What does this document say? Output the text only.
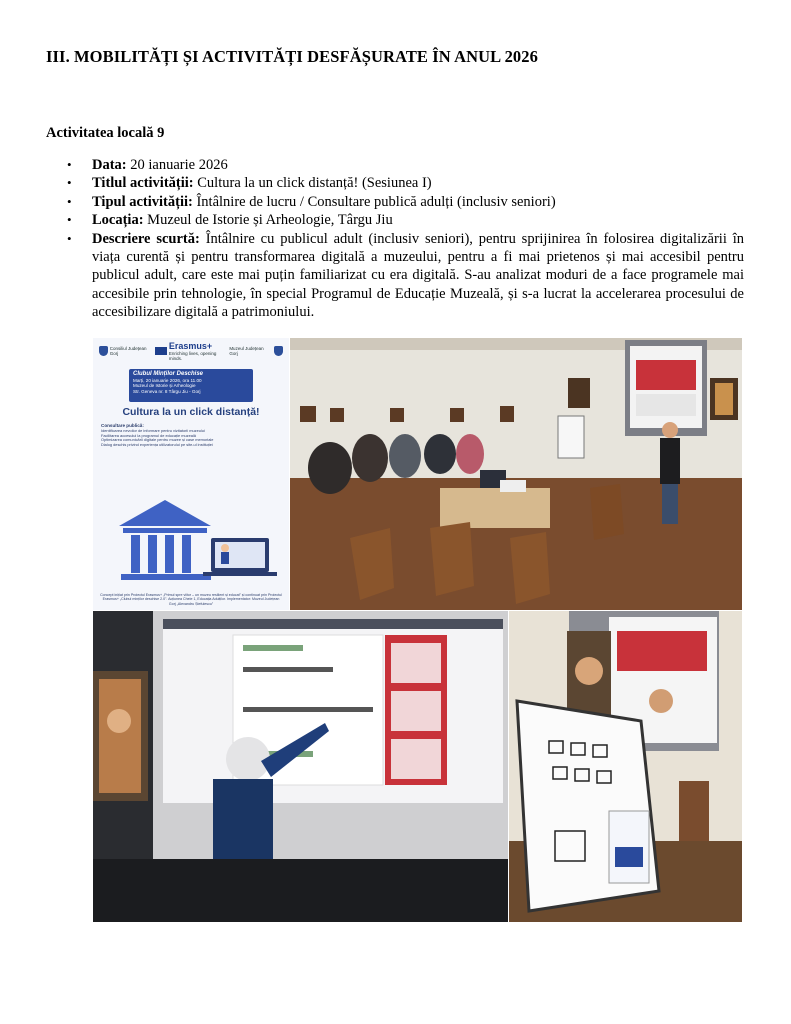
III. MOBILITĂȚI ȘI ACTIVITĂȚI DESFĂȘURATE ÎN ANUL 2026
Activitatea locală 9
• Data: 20 ianuarie 2026
• Titlul activității: Cultura la un click distanță! (Sesiunea I)
• Tipul activității: Întâlnire de lucru / Consultare publică adulți (inclusiv seniori)
• Locația: Muzeul de Istorie și Arheologie, Târgu Jiu
• Descriere scurtă: Întâlnire cu publicul adult (inclusiv seniori), pentru sprijinirea în folosirea digitalizării în viața curentă și pentru transformarea digitală a muzeului, pentru a fi mai prietenos și mai accesibil pentru publicul adult, care este mai puțin familiarizat cu era digitală. S-au analizat moduri de a face programele mai accesibile prin tehnologie, în special Programul de Educație Muzeală, și s-a lucrat la accelerarea procesului de accesibilizare digitală a patrimoniului.
Consiliul Județean Gorj
Erasmus+
Enriching lives, opening minds.
Muzeul Județean Gorj
Clubul Minților Deschise
Marți, 20 ianuarie 2026, ora 11.00
Muzeul de Istorie și Arheologie
Str. Geneva nr. 8 Târgu Jiu - Gorj
Cultura la un click distanță!
Consultare publică:
Identificarea nevoilor de informare pentru vizitatorii muzeului
Facilitarea accesului la programul de educație muzeală
Optimizarea comunicării digitale pentru muzee și case memoriale
Dialog deschis privind experiența utilizatorului pe site-ul instituției
Concept inițiat prin Proiectul Erasmus+ „Primul spre viitor – un muzeu resilient și educat” și continuat prin Proiectul Erasmus+ „Clubul minților deschise 2.0”. Acțiunea Cheie 1, Educația Adulților. Implementator: Muzeul Județean Gorj „Alexandru Ștefulescu”
